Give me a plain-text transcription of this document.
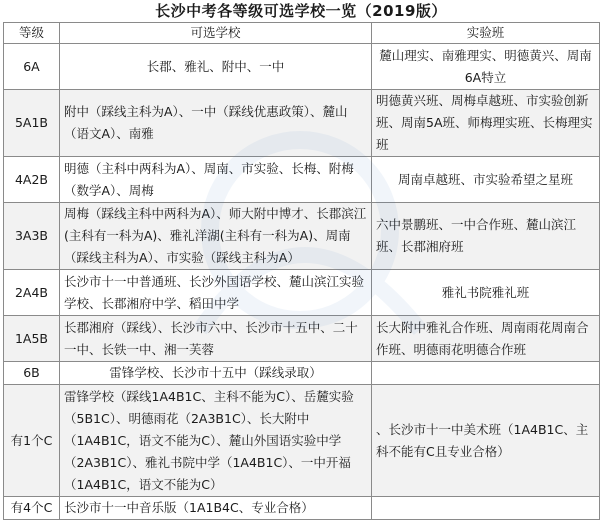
长沙中考各等级可选学校一览（2019版）
等级	可选学校	实验班
6A	长郡、雅礼、附中、一中	麓山理实、南雅理实、明德黄兴、周南6A特立
5A1B	附中（踩线主科为A）、一中（踩线优惠政策）、麓山（语文A）、南雅	明德黄兴班、周梅卓越班、市实验创新班、周南5A班、师梅理实班、长梅理实班
4A2B	明德（主科中两科为A）、周南、市实验、长梅、附梅（数学A）、周梅	周南卓越班、市实验希望之星班
3A3B	周梅（踩线主科中两科为A）、师大附中博才、长郡滨江(主科有一科为A)、雅礼洋湖(主科有一科为A)、周南（踩线主科为A）、市实验（踩线主科为A）	六中景鹏班、一中合作班、麓山滨江班、长郡湘府班
2A4B	长沙市十一中普通班、长沙外国语学校、麓山滨江实验学校、长郡湘府中学、稻田中学	雅礼书院雅礼班
1A5B	长郡湘府（踩线）、长沙市六中、长沙市十五中、二十一中、长铁一中、湘一芙蓉	长大附中雅礼合作班、周南雨花周南合作班、明德雨花明德合作班
6B	雷锋学校、长沙市十五中（踩线录取）	
有1个C	雷锋学校（踩线1A4B1C、主科不能为C）、岳麓实验（5B1C）、明德雨花（2A3B1C）、长大附中（1A4B1C，语文不能为C）、麓山外国语实验中学（2A3B1C）、雅礼书院中学（1A4B1C）、一中开福（1A4B1C，语文不能为C）	、长沙市十一中美术班（1A4B1C、主科不能有C且专业合格）
有4个C	长沙市十一中音乐版（1A1B4C、专业合格）	
